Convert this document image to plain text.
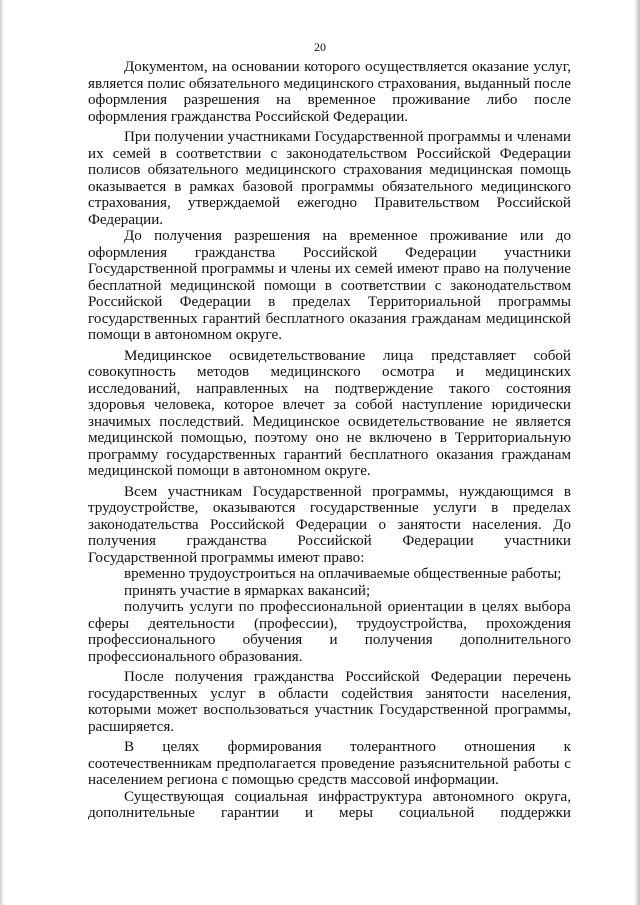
20

Документом, на основании которого осуществляется оказание услуг, является полис обязательного медицинского страхования, выданный после оформления разрешения на временное проживание либо после оформления гражданства Российской Федерации.

При получении участниками Государственной программы и членами их семей в соответствии с законодательством Российской Федерации полисов обязательного медицинского страхования медицинская помощь оказывается в рамках базовой программы обязательного медицинского страхования, утверждаемой ежегодно Правительством Российской Федерации.

До получения разрешения на временное проживание или до оформления гражданства Российской Федерации участники Государственной программы и члены их семей имеют право на получение бесплатной медицинской помощи в соответствии с законодательством Российской Федерации в пределах Территориальной программы государственных гарантий бесплатного оказания гражданам медицинской помощи в автономном округе.

Медицинское освидетельствование лица представляет собой совокупность методов медицинского осмотра и медицинских исследований, направленных на подтверждение такого состояния здоровья человека, которое влечет за собой наступление юридически значимых последствий. Медицинское освидетельствование не является медицинской помощью, поэтому оно не включено в Территориальную программу государственных гарантий бесплатного оказания гражданам медицинской помощи в автономном округе.

Всем участникам Государственной программы, нуждающимся в трудоустройстве, оказываются государственные услуги в пределах законодательства Российской Федерации о занятости населения. До получения гражданства Российской Федерации участники Государственной программы имеют право:

временно трудоустроиться на оплачиваемые общественные работы;

принять участие в ярмарках вакансий;

получить услуги по профессиональной ориентации в целях выбора сферы деятельности (профессии), трудоустройства, прохождения профессионального обучения и получения дополнительного профессионального образования.

После получения гражданства Российской Федерации перечень государственных услуг в области содействия занятости населения, которыми может воспользоваться участник Государственной программы, расширяется.

В целях формирования толерантного отношения к соотечественникам предполагается проведение разъяснительной работы с населением региона с помощью средств массовой информации.

Существующая социальная инфраструктура автономного округа, дополнительные гарантии и меры социальной поддержки
